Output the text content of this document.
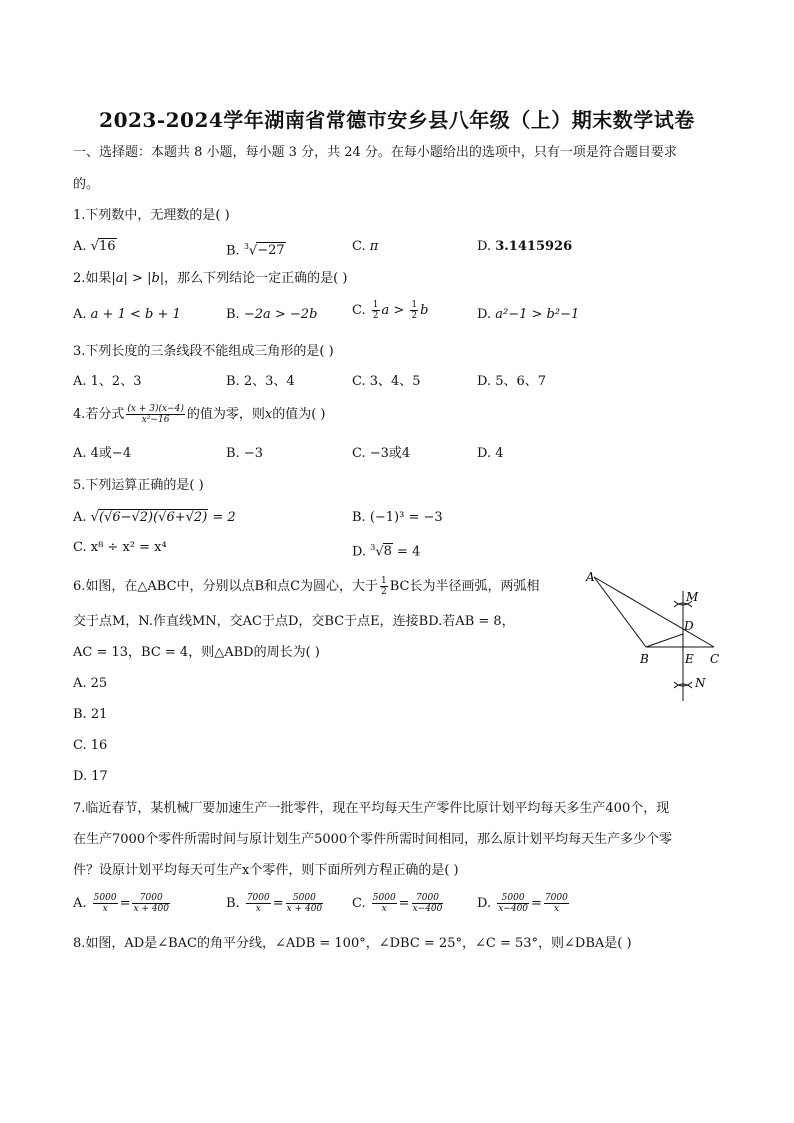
2023-2024学年湖南省常德市安乡县八年级（上）期末数学试卷
一、选择题：本题共 8 小题，每小题 3 分，共 24 分。在每小题给出的选项中，只有一项是符合题目要求
的。
1.下列数中，无理数的是( )
A. √16	B. $^3$√−27	C. π	D. 3.1415926
2.如果|a| > |b|，那么下列结论一定正确的是( )
A. a + 1 < b + 1	B. −2a > −2b	C. $\frac{1}{2}$ $a > \frac{1}{2}$ b	D. a²−1 > b²−1
3.下列长度的三条线段不能组成三角形的是( )
A. 1、2、3	B. 2、3、4	C. 3、4、5	D. 5、6、7
4.若分式 $\frac{(x + 3)(x-4)}{\text{x²−16}}$ 的值为零，则x的值为( )
A. 4或−4	B. −3	C. −3或4	D. 4
5.下列运算正确的是( )
A. √(√6−√2)(√6+√2) = 2	B. (−1)³ = −3
C. x⁸ ÷ x² = x⁴	D. $^3$√8 = 4
6.如图，在△ABC中，分别以点B和点C为圆心，大于 $\frac{1}{2}$ BC长为半径画弧，两弧相
交于点M，N.作直线MN，交AC于点D，交BC于点E，连接BD.若AB = 8，
AC = 13，BC = 4，则△ABD的周长为( )
A. 25
B. 21
C. 16
D. 17
A
B	C
D
E
M
N
7.临近春节，某机械厂要加速生产一批零件，现在平均每天生产零件比原计划平均每天多生产400个，现
在生产7000个零件所需时间与原计划生产5000个零件所需时间相同，那么原计划平均每天生产多少个零
件？设原计划平均每天可生产x个零件，则下面所列方程正确的是( )
A. $\frac{5000}{x} = \frac{7000}{x + 400}$	B. $\frac{7000}{x} = \frac{5000}{x + 400} C$. $\frac{5000}{x} = \frac{7000}{x-400}$	D. $\frac{5000}{x-400} = \frac{7000}{x}$
8.如图，AD是∠BAC的角平分线，∠ADB = 100°，∠DBC = 25°，∠C = 53°，则∠DBA是( )
